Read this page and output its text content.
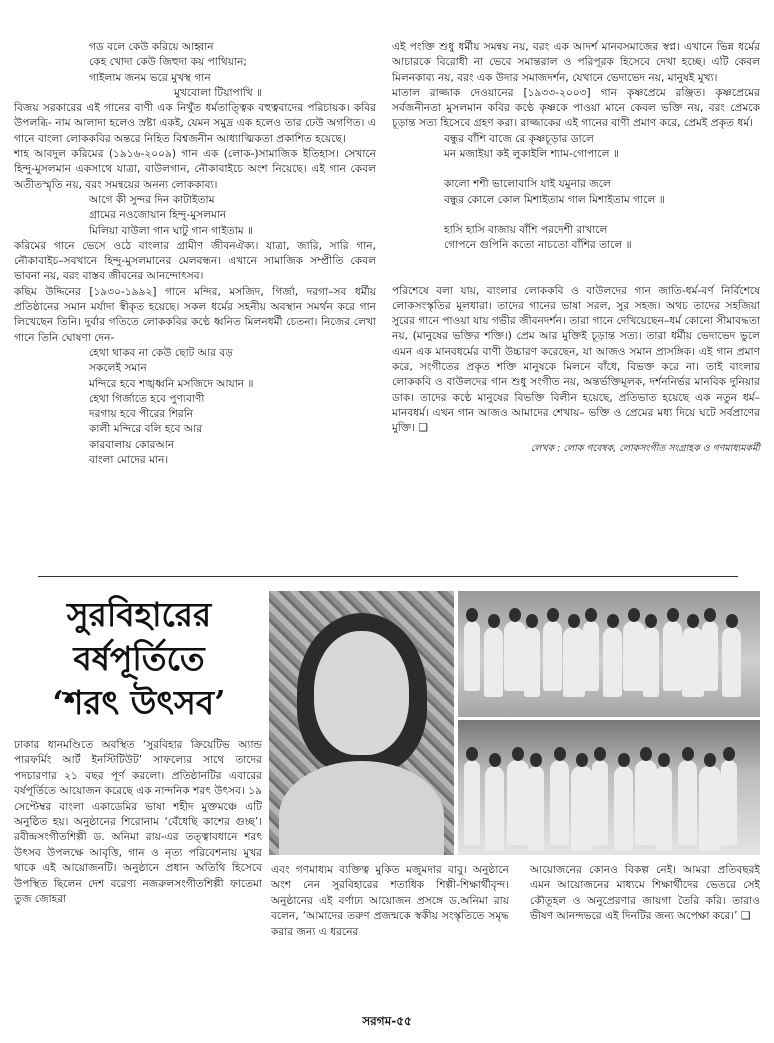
গড বলে কেউ করিয়ে আহ্বান
কেহ খোদা কেউ জিহুদা কয় পাথিয়ান;
গাইলাম জনম ভরে মুখস্থ গান
মুখবোলা টিয়াপাখি ॥

বিজয় সরকারের এই গানের বাণী এক নিখুঁত ধর্মতাত্ত্বিক বহুত্ববাদের পরিচায়ক। কবির উপলব্ধি- নাম আলাদা হলেও স্রষ্টা একই, যেমন সমুদ্র এক হলেও তার ঢেউ অগণিত। এ গানে বাংলা লোককবির অন্তরে নিহিত বিশ্বজনীন আধ্যাত্মিকতা প্রকাশিত হয়েছে।

শাহ আবদুল করিমের (১৯১৬-২০০৯) গান এক (লোক-)সামাজিক ইতিহাস। সেখানে হিন্দু-মুসলমান একসাথে যাত্রা, বাউলগান, নৌকাবাইচে অংশ নিয়েছে। এই গান কেবল অতীতস্মৃতি নয়, বরং সমন্বয়ের অনন্য লোককাব্য।

আগে কী সুন্দর দিন কাটাইতাম
গ্রামের নওজোয়ান হিন্দু-মুসলমান
মিলিয়া বাউলা গান ঘাটু গান গাইতাম ॥

করিমের গানে ভেসে ওঠে বাংলার গ্রামীণ জীবনঐক্য। যাত্রা, জারি, সারি গান, নৌকাবাইচ–সবখানে হিন্দু-মুসলমানের মেলবন্ধন। এখানে সামাজিক সম্প্রীতি কেবল ভাবনা নয়, বরং বাস্তব জীবনের আনন্দোৎসব।

কছিম উদ্দিনের [১৯৩০-১৯৯২] গানে মন্দির, মসজিদ, গির্জা, দরগা–সব ধর্মীয় প্রতিষ্ঠানের সমান মর্যাদা স্বীকৃত হয়েছে। সকল ধর্মের সহনীয় অবস্থান সমর্থন করে গান লিখেছেন তিনি। দুর্বার গতিতে লোককবির কণ্ঠে ধ্বনিত মিলনধর্মী চেতনা। নিজের লেখা গানে তিনি ঘোষণা দেন-

হেথা থাকব না কেউ ছোট আর বড়
সকলেই সমান
মন্দিরে হবে শঙ্খধ্বনি মসজিদে আযান ॥
হেথা গির্জাতে হবে পুণ্যবাণী
দরগায় হবে পীরের শিরনি
কালী মন্দিরে বলি হবে আর
কারবালায় কোরআন
বাংলা মোদের মান।

এই পংক্তি শুধু ধর্মীয় সমন্বয় নয়, বরং এক আদর্শ মানবসমাজের স্বপ্ন। এখানে ভিন্ন ধর্মের আচারকে বিরোধী না ভেবে সমান্তরাল ও পরিপূরক হিসেবে দেখা হচ্ছে। এটি কেবল মিলনকাব্য নয়, বরং এক উদার সমাজদর্শন, যেখানে ভেদাভেদ নয়, মানুষই মুখ্য।

মাতাল রাজ্জাক দেওয়ানের [১৯৩৩-২০০৩] গান কৃষ্ণপ্রেমে রঞ্জিত। কৃষ্ণপ্রেমের সর্বজনীনতা মুসলমান কবির কণ্ঠে কৃষ্ণকে পাওয়া মানে কেবল ভক্তি নয়, বরং প্রেমকে চূড়ান্ত সত্য হিসেবে গ্রহণ করা। রাজ্জাকের এই গানের বাণী প্রমাণ করে, প্রেমই প্রকৃত ধর্ম।

বন্ধুর বাঁশি বাজে রে কৃষ্ণচূড়ার ডালে
মন মজাইয়া কই লুকাইলি শ্যাম-গোপালে ॥
কালো শশী ভালোবাসি যাই যমুনার জলে
বন্ধুর কোলে কোল মিশাইতাম গাল মিশাইতাম গালে ॥
হাসি হাসি বাজায় বাঁশি পরদেশী রাখালে
গোপনে গুপিনি কতো নাচতো বাঁশির তালে ॥

পরিশেষে বলা যায়, বাংলার লোককবি ও বাউলদের গান জাতি-ধর্ম-বর্ণ নির্বিশেষে লোকসংস্কৃতির মূলধারা। তাদের গানের ভাষা সরল, সুর সহজ। অথচ তাদের সহজিয়া সুরের গানে পাওয়া যায় গভীর জীবনদর্শন। তারা গানে দেখিয়েছেন–ধর্ম কোনো সীমাবদ্ধতা নয়, (মানুষের ভক্তির শক্তি।) প্রেম আর মুক্তিই চূড়ান্ত সত্য। তারা ধর্মীয় ভেদাভেদ ভুলে এমন এক মানবধর্মের বাণী উচ্চারণ করেছেন, যা আজও সমান প্রাসঙ্গিক। এই গান প্রমাণ করে, সংগীতের প্রকৃত শক্তি মানুষকে মিলনে বাঁধে, বিভক্ত করে না। তাই বাংলার লোককবি ও বাউলদের গান শুধু সংগীত নয়, অন্তর্ভক্তিমূলক, দর্শননির্ভর মানবিক দুনিয়ার ডাক। তাদের কণ্ঠে মানুষের বিভক্তি বিলীন হয়েছে, প্রতিভাত হয়েছে এক নতুন ধর্ম–মানবধর্ম। এখন গান আজও আমাদের শেখায়– ভক্তি ও প্রেমের মধ্য দিয়ে ঘটে সর্বপ্রাণের মুক্তি। ❑

লেখক : লোক গবেষক, লোকসংগীত সংগ্রাহক ও গণমাধ্যমকর্মী
সুরবিহারের
বর্ষপূর্তিতে
‘শরৎ উৎসব’

ঢাকার ধানমণ্ডিতে অবস্থিত ‘সুরবিহার ক্রিয়েটিভ অ্যান্ড পারফর্মিং আর্ট ইনস্টিটিউট’ সাফল্যের সাথে তাদের পদচারণার ২১ বছর পূর্ণ করলো। প্রতিষ্ঠানটির এবারের বর্ষপূর্তিতে আয়োজন করেছে এক নান্দনিক শরৎ উৎসব। ১৯ সেপ্টেম্বর বাংলা একাডেমির ভাষা শহীদ মুক্তমঞ্চে এটি অনুষ্ঠিত হয়। অনুষ্ঠানের শিরোনাম ‘বেঁধেছি কাশের গুচ্ছ’। রবীন্দ্রসংগীতশিল্পী ড. অনিমা রায়-এর তত্ত্বাবধানে শরৎ উৎসব উপলক্ষে আবৃত্তি, গান ও নৃত্য পরিবেশনায় মুখর থাকে এই আয়োজনটি। অনুষ্ঠানে প্রধান অতিথি হিসেবে উপস্থিত ছিলেন দেশ বরেণ্য নজরুলসংগীতশিল্পী ফাতেমা তুজ জোহরা

এবং গণমাধ্যম ব্যক্তিত্ব মুকিত মজুমদার বাবু। অনুষ্ঠানে অংশ নেন সুরবিহারের শতাধিক শিল্পী-শিক্ষার্থীবৃন্দ। অনুষ্ঠানের এই বর্ণাঢ্য আয়োজন প্রসঙ্গে ড.অনিমা রায় বলেন, ‘আমাদের তরুণ প্রজন্মকে স্বকীয় সংস্কৃতিতে সমৃদ্ধ করার জন্য এ ধরনের

আয়োজনের কোনও বিকল্প নেই। আমরা প্রতিবছরই এমন আয়োজনের মাধ্যমে শিক্ষার্থীদের ভেতরে সেই কৌতূহল ও অনুপ্রেরণার জায়গা তৈরি করি। তারাও ভীষণ আনন্দভরে এই দিনটির জন্য অপেক্ষা করে।’ ❑

সরগম-৫৫
